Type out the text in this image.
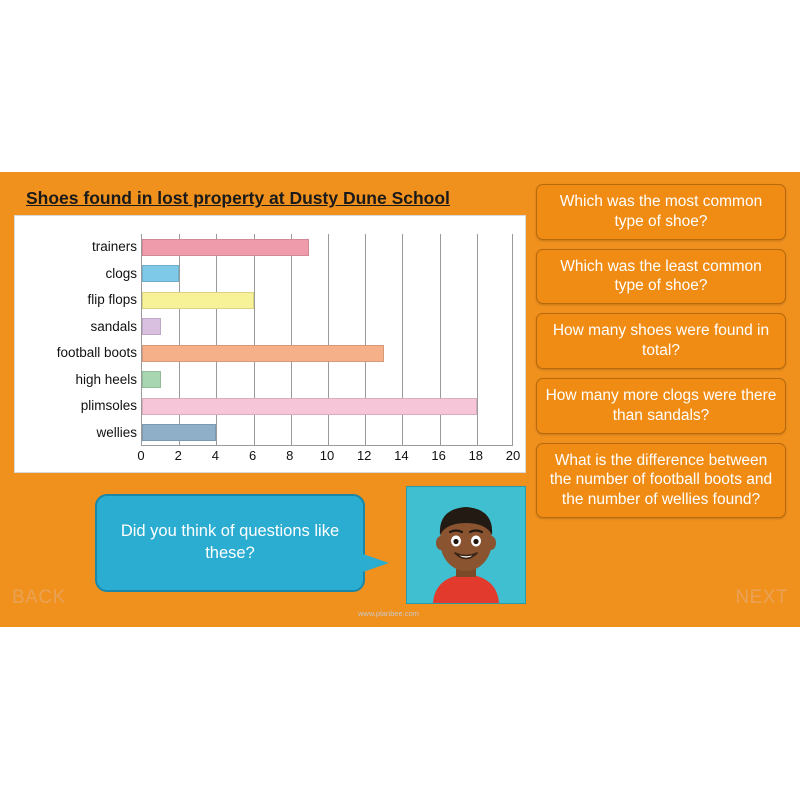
Shoes found in lost property at Dusty Dune School
trainers
clogs
flip flops
sandals
football boots
high heels
plimsoles
wellies
0 2 4 6 8 10 12 14 16 18 20
Which was the most common type of shoe?
Which was the least common type of shoe?
How many shoes were found in total?
How many more clogs were there than sandals?
What is the difference between the number of football boots and the number of wellies found?
Did you think of questions like these?
www.planbee.com
BACK	NEXT
